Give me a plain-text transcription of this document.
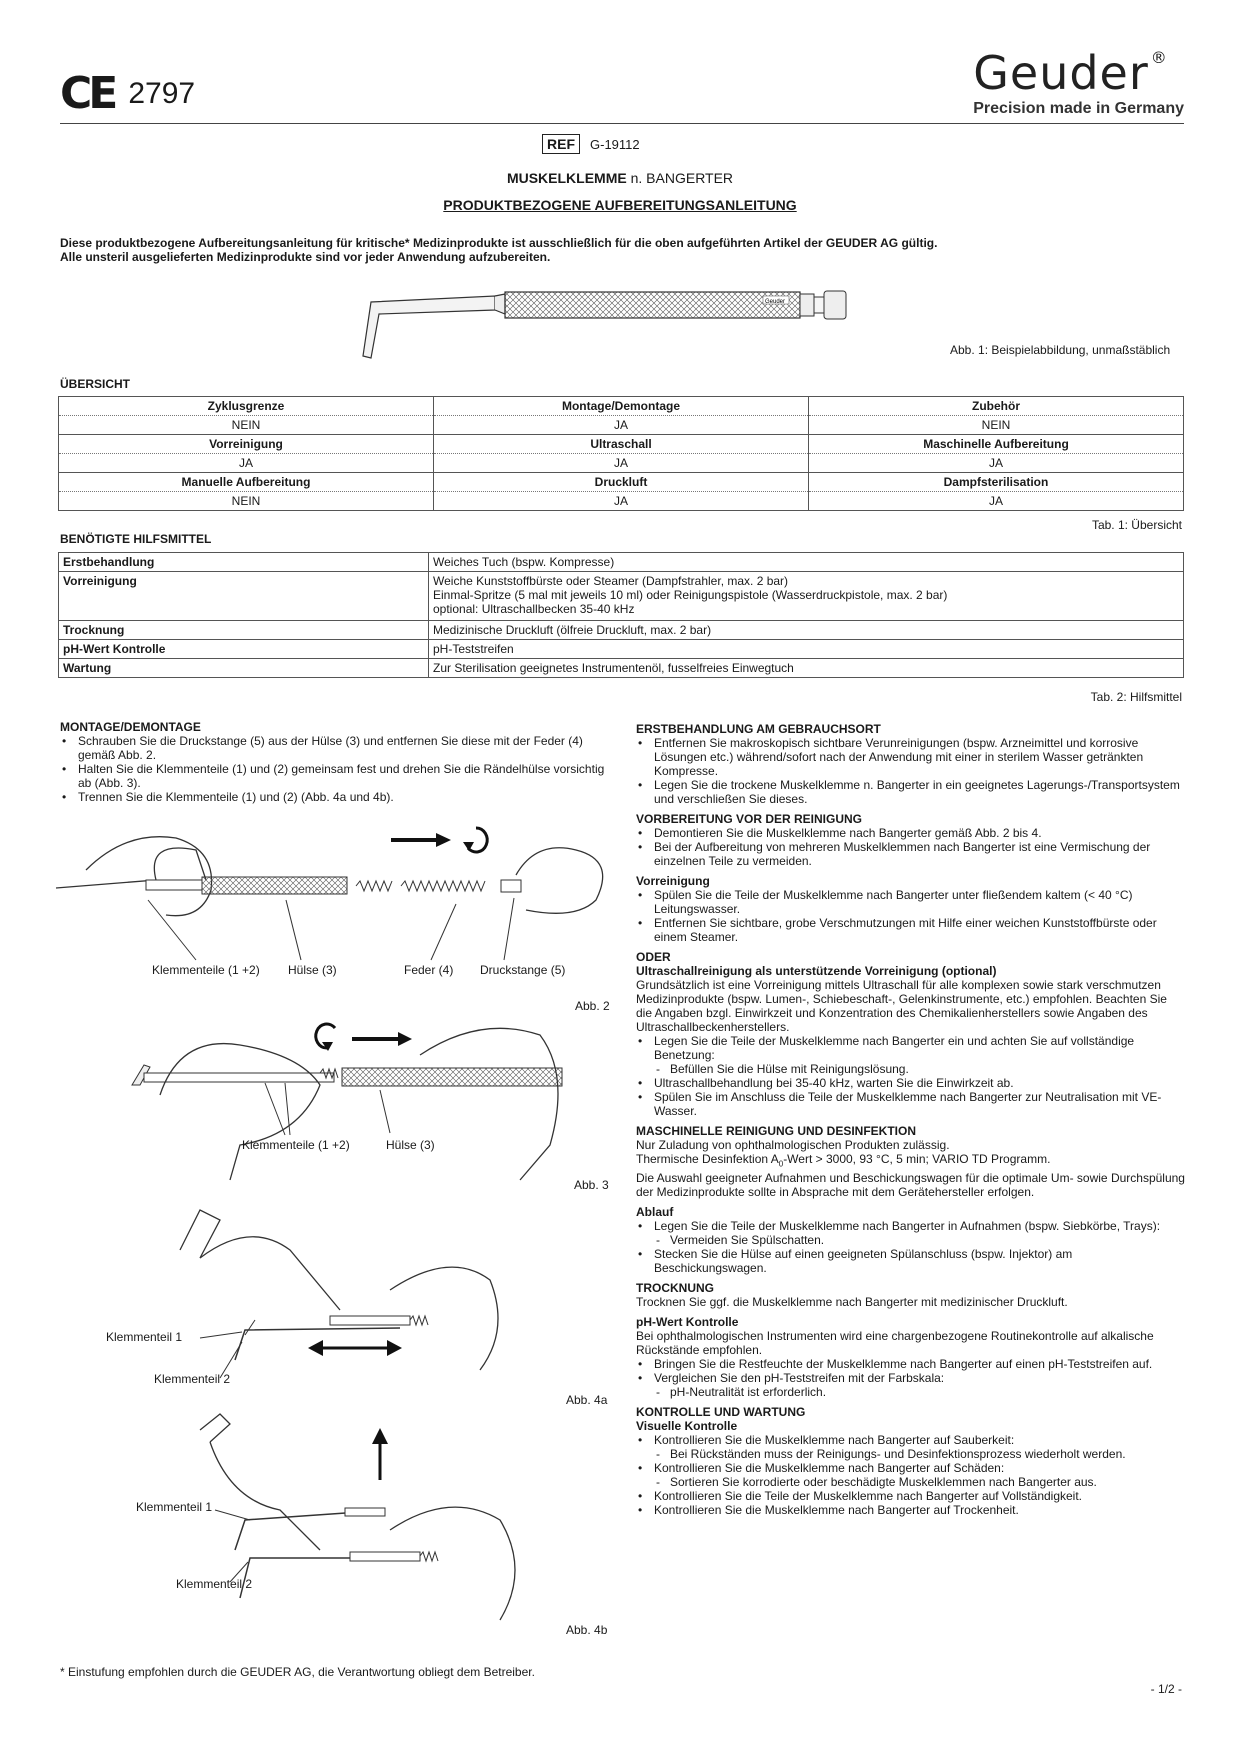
CE 2797	Geuder ®
Precision made in Germany
REF	G-19112
MUSKELKLEMME n. BANGERTER
PRODUKTBEZOGENE AUFBEREITUNGSANLEITUNG
Diese produktbezogene Aufbereitungsanleitung für kritische* Medizinprodukte ist ausschließlich für die oben aufgeführten Artikel der GEUDER AG gültig.
Alle unsteril ausgelieferten Medizinprodukte sind vor jeder Anwendung aufzubereiten.
Geuder
Abb. 1: Beispielabbildung, unmaßstäblich
ÜBERSICHT
Zyklusgrenze	Montage/Demontage	Zubehör
NEIN	JA	NEIN
Vorreinigung	Ultraschall	Maschinelle Aufbereitung
JA	JA	JA
Manuelle Aufbereitung	Druckluft	Dampfsterilisation
NEIN	JA	JA
Tab. 1: Übersicht
BENÖTIGTE HILFSMITTEL
Erstbehandlung	Weiches Tuch (bspw. Kompresse)

Vorreinigung	Weiche Kunststoffbürste oder Steamer (Dampfstrahler, max. 2 bar)
Einmal-Spritze (5 mal mit jeweils 10 ml) oder Reinigungspistole (Wasserdruckpistole, max. 2 bar)
optional: Ultraschallbecken 35-40 kHz

Trocknung	Medizinische Druckluft (ölfreie Druckluft, max. 2 bar)

pH-Wert Kontrolle	pH-Teststreifen

Wartung	Zur Sterilisation geeignetes Instrumentenöl, fusselfreies Einwegtuch
Tab. 2: Hilfsmittel
MONTAGE/DEMONTAGE
• Schrauben Sie die Druckstange (5) aus der Hülse (3) und entfernen Sie diese mit der Feder (4) gemäß Abb. 2.
• Halten Sie die Klemmenteile (1) und (2) gemeinsam fest und drehen Sie die Rändelhülse vorsichtig ab (Abb. 3).
• Trennen Sie die Klemmenteile (1) und (2) (Abb. 4a und 4b).
Klemmenteile (1 +2) Hülse (3)	Feder (4) Druckstange (5)
Abb. 2
Klemmenteile (1 +2)	Hülse (3)
Abb. 3
Klemmenteil 1
Klemmenteil 2
Abb. 4a
Klemmenteil 1
Klemmenteil 2
Abb. 4b
ERSTBEHANDLUNG AM GEBRAUCHSORT
• Entfernen Sie makroskopisch sichtbare Verunreinigungen (bspw. Arzneimittel und korrosive Lösungen etc.) während/sofort nach der Anwendung mit einer in sterilem Wasser getränkten Kompresse.
• Legen Sie die trockene Muskelklemme n. Bangerter in ein geeignetes Lagerungs-/Transportsystem und verschließen Sie dieses.
VORBEREITUNG VOR DER REINIGUNG
• Demontieren Sie die Muskelklemme nach Bangerter gemäß Abb. 2 bis 4.
• Bei der Aufbereitung von mehreren Muskelklemmen nach Bangerter ist eine Vermischung der einzelnen Teile zu vermeiden.
Vorreinigung
• Spülen Sie die Teile der Muskelklemme nach Bangerter unter fließendem kaltem (< 40 °C) Leitungswasser.
• Entfernen Sie sichtbare, grobe Verschmutzungen mit Hilfe einer weichen Kunststoffbürste oder einem Steamer.
ODER
Ultraschallreinigung als unterstützende Vorreinigung (optional)
Grundsätzlich ist eine Vorreinigung mittels Ultraschall für alle komplexen sowie stark verschmutzen Medizinprodukte (bspw. Lumen-, Schiebeschaft-, Gelenkinstrumente, etc.) empfohlen. Beachten Sie die Angaben bzgl. Einwirkzeit und Konzentration des Chemikalienherstellers sowie Angaben des Ultraschallbeckenherstellers.
• Legen Sie die Teile der Muskelklemme nach Bangerter ein und achten Sie auf vollständige Benetzung:
- Befüllen Sie die Hülse mit Reinigungslösung.
• Ultraschallbehandlung bei 35-40 kHz, warten Sie die Einwirkzeit ab.
• Spülen Sie im Anschluss die Teile der Muskelklemme nach Bangerter zur Neutralisation mit VE-Wasser.
MASCHINELLE REINIGUNG UND DESINFEKTION
Nur Zuladung von ophthalmologischen Produkten zulässig.
Thermische Desinfektion $A_0$-Wert > 3000, 93 °C, 5 min; VARIO TD Programm.
Die Auswahl geeigneter Aufnahmen und Beschickungswagen für die optimale Um- sowie Durchspülung der Medizinprodukte sollte in Absprache mit dem Gerätehersteller erfolgen.
Ablauf
• Legen Sie die Teile der Muskelklemme nach Bangerter in Aufnahmen (bspw. Siebkörbe, Trays):
- Vermeiden Sie Spülschatten.
• Stecken Sie die Hülse auf einen geeigneten Spülanschluss (bspw. Injektor) am Beschickungswagen.
TROCKNUNG
Trocknen Sie ggf. die Muskelklemme nach Bangerter mit medizinischer Druckluft.
pH-Wert Kontrolle
Bei ophthalmologischen Instrumenten wird eine chargenbezogene Routinekontrolle auf alkalische Rückstände empfohlen.
• Bringen Sie die Restfeuchte der Muskelklemme nach Bangerter auf einen pH-Teststreifen auf.
• Vergleichen Sie den pH-Teststreifen mit der Farbskala:
- pH-Neutralität ist erforderlich.
KONTROLLE UND WARTUNG
Visuelle Kontrolle
• Kontrollieren Sie die Muskelklemme nach Bangerter auf Sauberkeit:
- Bei Rückständen muss der Reinigungs- und Desinfektionsprozess wiederholt werden.
• Kontrollieren Sie die Muskelklemme nach Bangerter auf Schäden:
- Sortieren Sie korrodierte oder beschädigte Muskelklemmen nach Bangerter aus.
• Kontrollieren Sie die Teile der Muskelklemme nach Bangerter auf Vollständigkeit.
• Kontrollieren Sie die Muskelklemme nach Bangerter auf Trockenheit.
* Einstufung empfohlen durch die GEUDER AG, die Verantwortung obliegt dem Betreiber.
- 1/2 -
